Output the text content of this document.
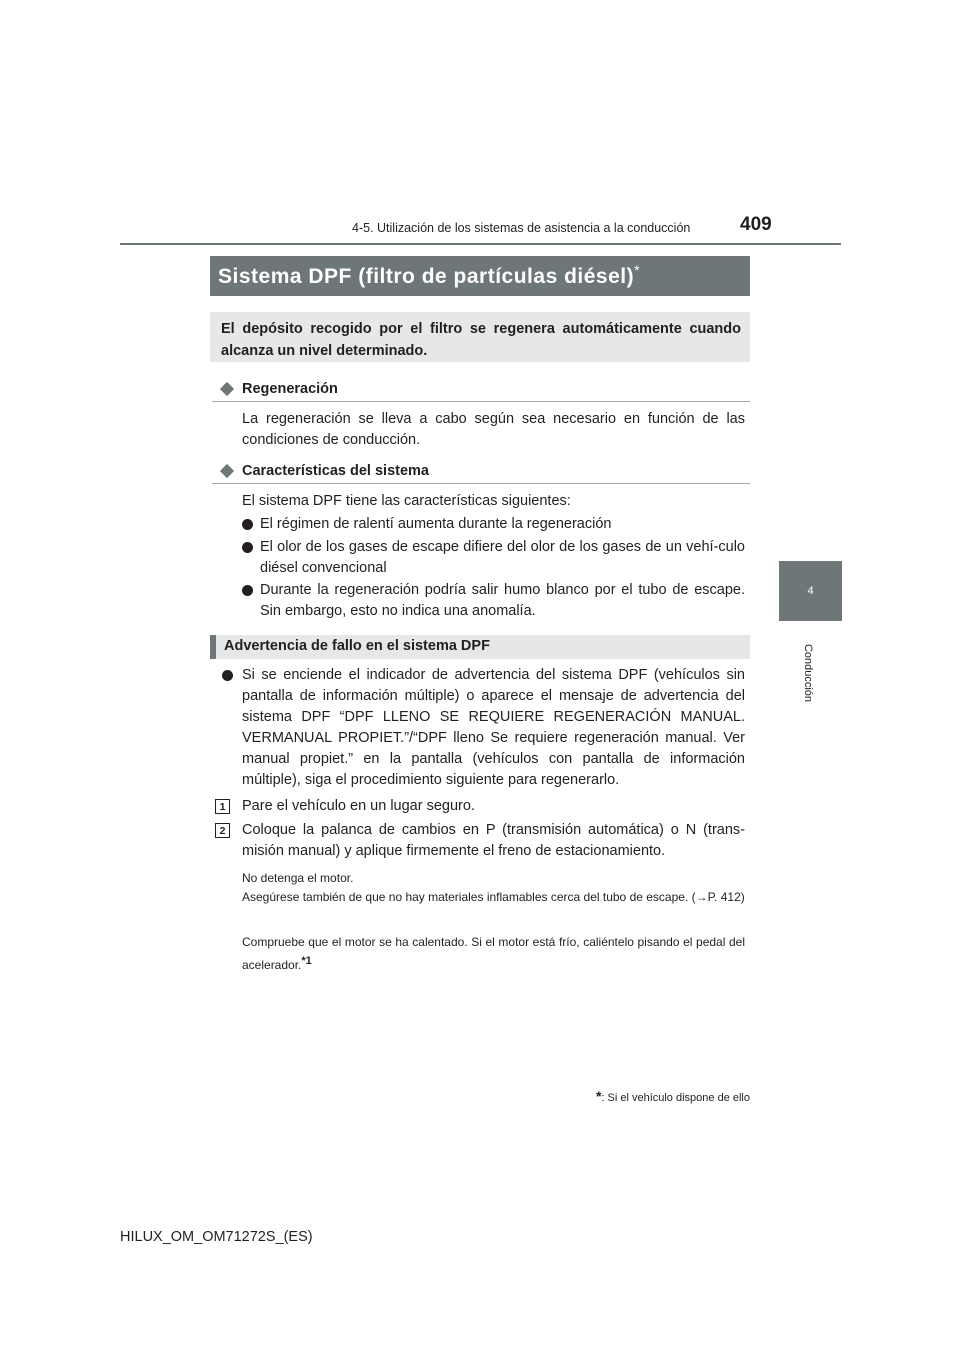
4-5. Utilización de los sistemas de asistencia a la conducción	409
4
Conducción
Sistema DPF (filtro de partículas diésel)*

El depósito recogido por el filtro se regenera automáticamente cuando alcanza un nivel determinado.

Regeneración

La regeneración se lleva a cabo según sea necesario en función de las condiciones de conducción.

Características del sistema

El sistema DPF tiene las características siguientes:

El régimen de ralentí aumenta durante la regeneración

El olor de los gases de escape difiere del olor de los gases de un vehí-culo diésel convencional

Durante la regeneración podría salir humo blanco por el tubo de escape. Sin embargo, esto no indica una anomalía.

Advertencia de fallo en el sistema DPF

Si se enciende el indicador de advertencia del sistema DPF (vehículos sin pantalla de información múltiple) o aparece el mensaje de advertencia del sistema DPF “DPF LLENO SE REQUIERE REGENERACIÓN MANUAL. VERMANUAL PROPIET.”/“DPF lleno Se requiere regeneración manual. Ver manual propiet.” en la pantalla (vehículos con pantalla de información múltiple), siga el procedimiento siguiente para regenerarlo.

1	Pare el vehículo en un lugar seguro.

2	Coloque la palanca de cambios en P (transmisión automática) o N (trans-misión manual) y aplique firmemente el freno de estacionamiento.

No detenga el motor.

Asegúrese también de que no hay materiales inflamables cerca del tubo de escape. (→P. 412)

Compruebe que el motor se ha calentado. Si el motor está frío, caliéntelo pisando el pedal del acelerador.$^{*1}$

*: Si el vehículo dispone de ello
HILUX_OM_OM71272S_(ES)
